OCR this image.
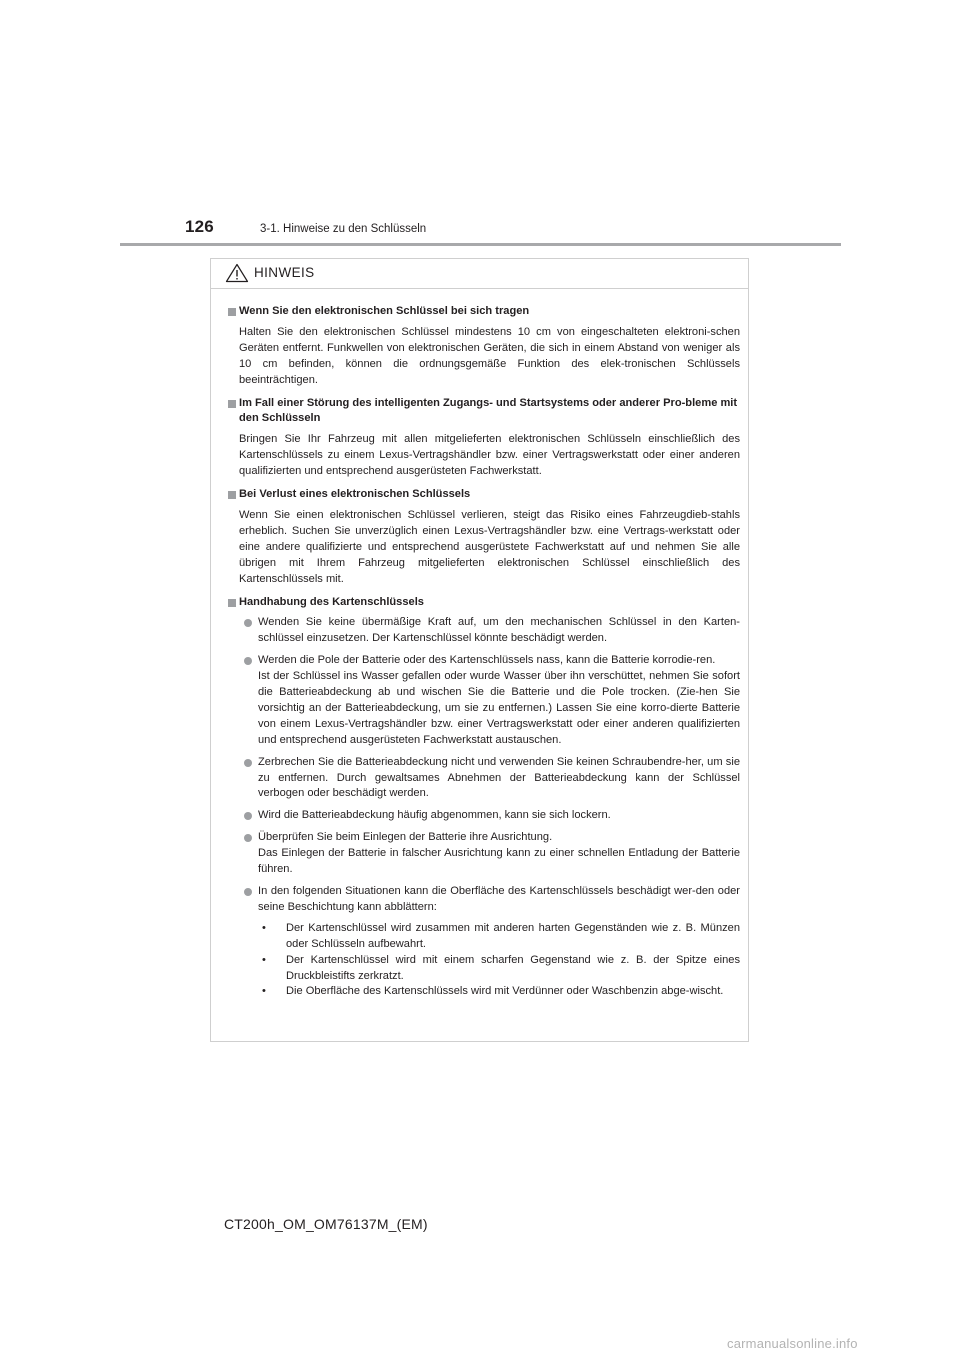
126	3-1. Hinweise zu den Schlüsseln
HINWEIS
Wenn Sie den elektronischen Schlüssel bei sich tragen
Halten Sie den elektronischen Schlüssel mindestens 10 cm von eingeschalteten elektroni-schen Geräten entfernt. Funkwellen von elektronischen Geräten, die sich in einem Abstand von weniger als 10 cm befinden, können die ordnungsgemäße Funktion des elek-tronischen Schlüssels beeinträchtigen.
Im Fall einer Störung des intelligenten Zugangs- und Startsystems oder anderer Pro-bleme mit den Schlüsseln
Bringen Sie Ihr Fahrzeug mit allen mitgelieferten elektronischen Schlüsseln einschließlich des Kartenschlüssels zu einem Lexus-Vertragshändler bzw. einer Vertragswerkstatt oder einer anderen qualifizierten und entsprechend ausgerüsteten Fachwerkstatt.
Bei Verlust eines elektronischen Schlüssels
Wenn Sie einen elektronischen Schlüssel verlieren, steigt das Risiko eines Fahrzeugdieb-stahls erheblich. Suchen Sie unverzüglich einen Lexus-Vertragshändler bzw. eine Vertrags-werkstatt oder eine andere qualifizierte und entsprechend ausgerüstete Fachwerkstatt auf und nehmen Sie alle übrigen mit Ihrem Fahrzeug mitgelieferten elektronischen Schlüssel einschließlich des Kartenschlüssels mit.
Handhabung des Kartenschlüssels
Wenden Sie keine übermäßige Kraft auf, um den mechanischen Schlüssel in den Karten-schlüssel einzusetzen. Der Kartenschlüssel könnte beschädigt werden.
Werden die Pole der Batterie oder des Kartenschlüssels nass, kann die Batterie korrodie-ren.
Ist der Schlüssel ins Wasser gefallen oder wurde Wasser über ihn verschüttet, nehmen Sie sofort die Batterieabdeckung ab und wischen Sie die Batterie und die Pole trocken. (Zie-hen Sie vorsichtig an der Batterieabdeckung, um sie zu entfernen.) Lassen Sie eine korro-dierte Batterie von einem Lexus-Vertragshändler bzw. einer Vertragswerkstatt oder einer anderen qualifizierten und entsprechend ausgerüsteten Fachwerkstatt austauschen.
Zerbrechen Sie die Batterieabdeckung nicht und verwenden Sie keinen Schraubendre-her, um sie zu entfernen. Durch gewaltsames Abnehmen der Batterieabdeckung kann der Schlüssel verbogen oder beschädigt werden.
Wird die Batterieabdeckung häufig abgenommen, kann sie sich lockern.
Überprüfen Sie beim Einlegen der Batterie ihre Ausrichtung.
Das Einlegen der Batterie in falscher Ausrichtung kann zu einer schnellen Entladung der Batterie führen.
In den folgenden Situationen kann die Oberfläche des Kartenschlüssels beschädigt wer-den oder seine Beschichtung kann abblättern:
• Der Kartenschlüssel wird zusammen mit anderen harten Gegenständen wie z. B. Münzen oder Schlüsseln aufbewahrt.
• Der Kartenschlüssel wird mit einem scharfen Gegenstand wie z. B. der Spitze eines Druckbleistifts zerkratzt.
• Die Oberfläche des Kartenschlüssels wird mit Verdünner oder Waschbenzin abge-wischt.
CT200h_OM_OM76137M_(EM)
carmanualsonline.info
